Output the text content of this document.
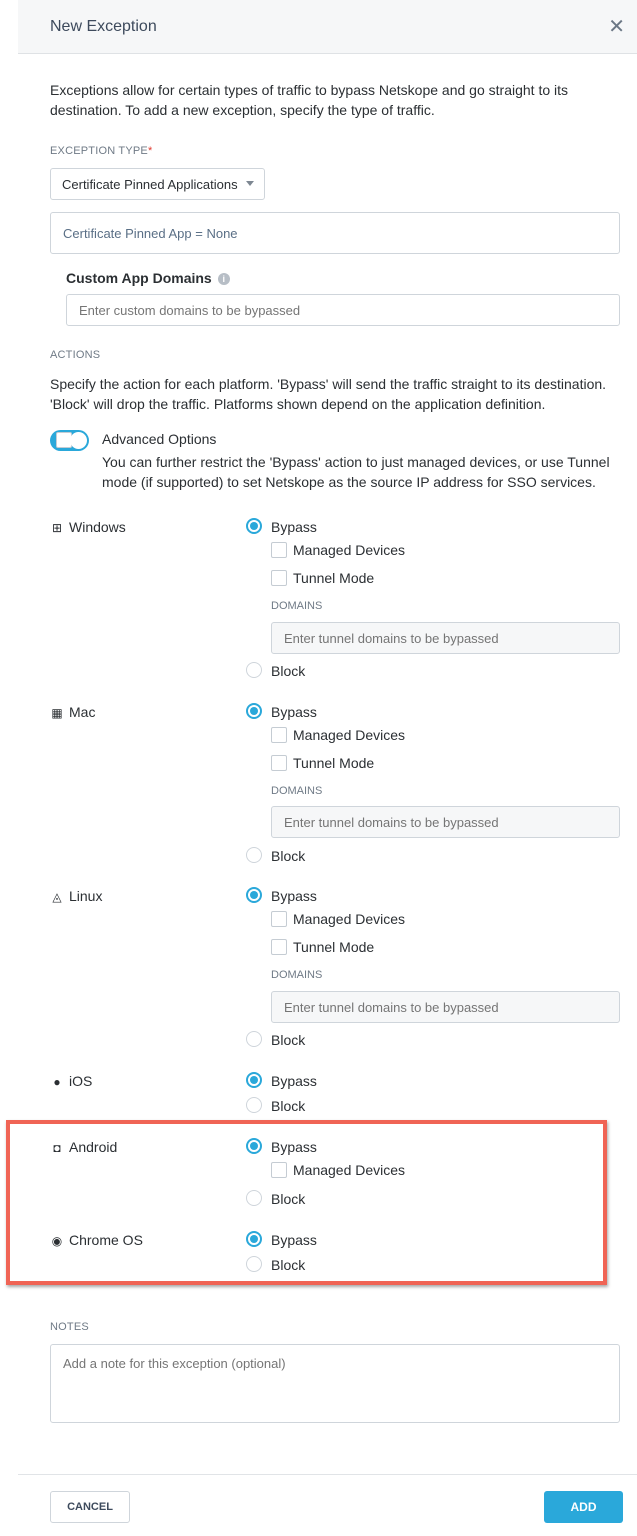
New Exception	✕
Exceptions allow for certain types of traffic to bypass Netskope and go straight to its destination. To add a new exception, specify the type of traffic.
EXCEPTION TYPE*
Certificate Pinned Applications
Certificate Pinned App = None
Custom App Domains i
Enter custom domains to be bypassed
ACTIONS
Specify the action for each platform. 'Bypass' will send the traffic straight to its destination. 'Block' will drop the traffic. Platforms shown depend on the application definition.
✓	Advanced Options
You can further restrict the 'Bypass' action to just managed devices, or use Tunnel mode (if supported) to set Netskope as the source IP address for SSO services.
⊞ Windows	Bypass
Managed Devices
Tunnel Mode
DOMAINS
Enter tunnel domains to be bypassed
Block
▦ Mac	Bypass
Managed Devices
Tunnel Mode
DOMAINS
Enter tunnel domains to be bypassed
Block
◬ Linux	Bypass
Managed Devices
Tunnel Mode
DOMAINS
Enter tunnel domains to be bypassed
Block
● iOS	Bypass
Block
◘ Android	Bypass
Managed Devices
Block
◉ Chrome OS	Bypass
Block
NOTES
Add a note for this exception (optional)
CANCEL	ADD
